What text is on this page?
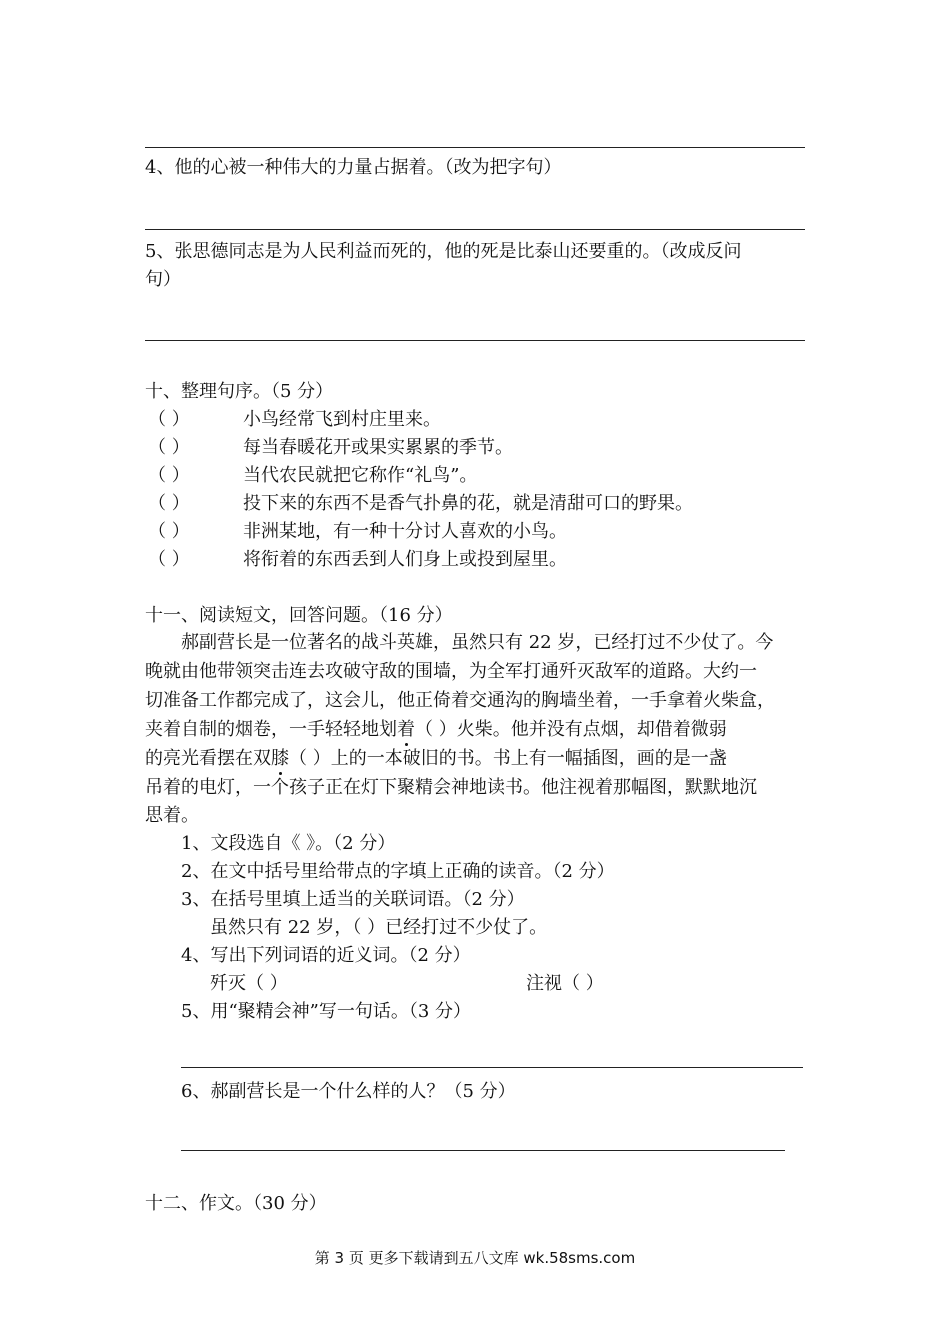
4、他的心被一种伟大的力量占据着。（改为把字句）
5、张思德同志是为人民利益而死的，他的死是比泰山还要重的。（改成反问
句）
十、整理句序。（5 分）
（ ）	小鸟经常飞到村庄里来。
（ ）	每当春暖花开或果实累累的季节。
（ ）	当代农民就把它称作“礼鸟”。
（ ）	投下来的东西不是香气扑鼻的花，就是清甜可口的野果。
（ ）	非洲某地，有一种十分讨人喜欢的小鸟。
（ ）	将衔着的东西丢到人们身上或投到屋里。
十一、阅读短文，回答问题。（16 分）
郝副营长是一位著名的战斗英雄，虽然只有 22 岁，已经打过不少仗了。今
晚就由他带领突击连去攻破守敌的围墙，为全军打通歼灭敌军的道路。大约一
切准备工作都完成了，这会儿，他正倚着交通沟的胸墙坐着，一手拿着火柴盒，
夹着自制的烟卷，一手轻轻地划着（ ）火柴。他并没有点烟，却借着微弱
的亮光看摆在双膝（ ）上的一本破旧的书。书上有一幅插图，画的是一盏
吊着的电灯，一个孩子正在灯下聚精会神地读书。他注视着那幅图，默默地沉
思着。
1、文段选自《 》。（2 分）
2、在文中括号里给带点的字填上正确的读音。（2 分）
3、在括号里填上适当的关联词语。（2 分）
虽然只有 22 岁，（ ）已经打过不少仗了。
4、写出下列词语的近义词。（2 分）
歼灭（ ）	注视（ ）
5、用“聚精会神”写一句话。（3 分）
6、郝副营长是一个什么样的人？（5 分）
十二、作文。（30 分）
第 3 页 更多下载请到五八文库 wk.58sms.com
